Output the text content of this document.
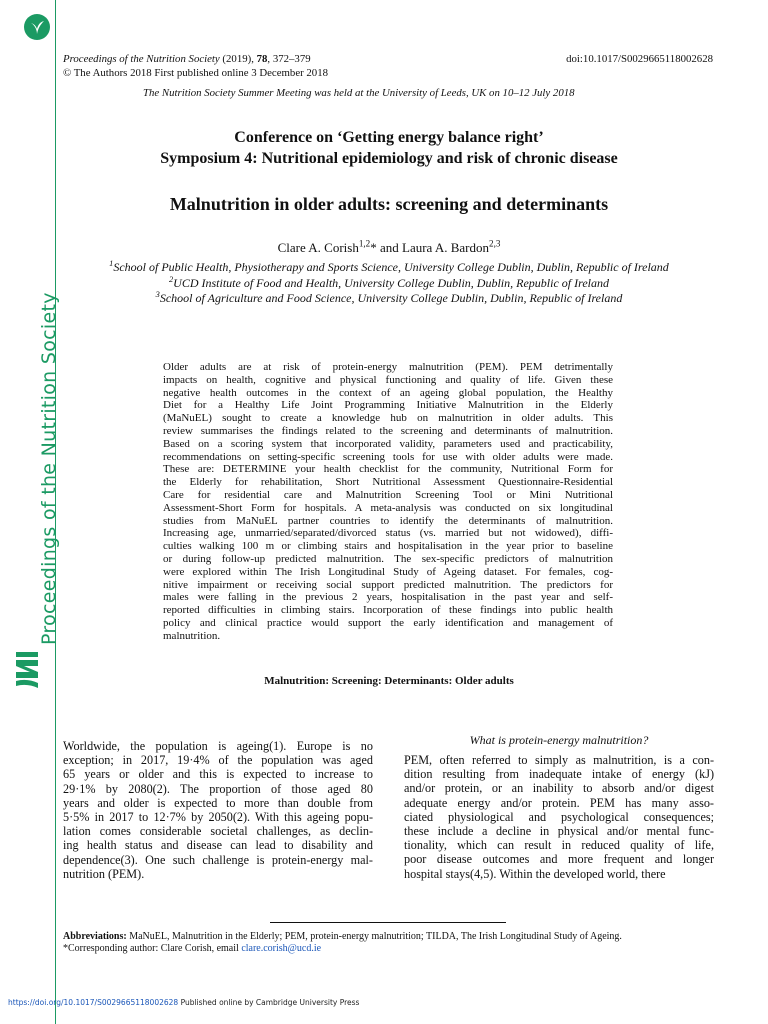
Proceedings of the Nutrition Society
Proceedings of the Nutrition Society (2019), 78, 372–379	doi:10.1017/S0029665118002628
© The Authors 2018 First published online 3 December 2018
The Nutrition Society Summer Meeting was held at the University of Leeds, UK on 10–12 July 2018
Conference on ‘Getting energy balance right’
Symposium 4: Nutritional epidemiology and risk of chronic disease
Malnutrition in older adults: screening and determinants
Clare A. Corish$^{1,2}$* and Laura A. Bardon$^{2,3}$
$^1$School of Public Health, Physiotherapy and Sports Science, University College Dublin, Dublin, Republic of Ireland
$^2$UCD Institute of Food and Health, University College Dublin, Dublin, Republic of Ireland
$^3$School of Agriculture and Food Science, University College Dublin, Dublin, Republic of Ireland
Older adults are at risk of protein-energy malnutrition (PEM). PEM detrimentally
impacts on health, cognitive and physical functioning and quality of life. Given these
negative health outcomes in the context of an ageing global population, the Healthy
Diet for a Healthy Life Joint Programming Initiative Malnutrition in the Elderly
(MaNuEL) sought to create a knowledge hub on malnutrition in older adults. This
review summarises the findings related to the screening and determinants of malnutrition.
Based on a scoring system that incorporated validity, parameters used and practicability,
recommendations on setting-specific screening tools for use with older adults were made.
These are: DETERMINE your health checklist for the community, Nutritional Form for
the Elderly for rehabilitation, Short Nutritional Assessment Questionnaire-Residential
Care for residential care and Malnutrition Screening Tool or Mini Nutritional
Assessment-Short Form for hospitals. A meta-analysis was conducted on six longitudinal
studies from MaNuEL partner countries to identify the determinants of malnutrition.
Increasing age, unmarried/separated/divorced status (vs. married but not widowed), diffi-
culties walking 100 m or climbing stairs and hospitalisation in the year prior to baseline
or during follow-up predicted malnutrition. The sex-specific predictors of malnutrition
were explored within The Irish Longitudinal Study of Ageing dataset. For females, cog-
nitive impairment or receiving social support predicted malnutrition. The predictors for
males were falling in the previous 2 years, hospitalisation in the past year and self-
reported difficulties in climbing stairs. Incorporation of these findings into public health
policy and clinical practice would support the early identification and management of
malnutrition.
Malnutrition: Screening: Determinants: Older adults
Worldwide, the population is ageing(1). Europe is no
exception; in 2017, 19·4% of the population was aged
65 years or older and this is expected to increase to
29·1% by 2080(2). The proportion of those aged 80
years and older is expected to more than double from
5·5% in 2017 to 12·7% by 2050(2). With this ageing popu-
lation comes considerable societal challenges, as declin-
ing health status and disease can lead to disability and
dependence(3). One such challenge is protein-energy mal-
nutrition (PEM).
What is protein-energy malnutrition?
PEM, often referred to simply as malnutrition, is a con-
dition resulting from inadequate intake of energy (kJ)
and/or protein, or an inability to absorb and/or digest
adequate energy and/or protein. PEM has many asso-
ciated physiological and psychological consequences;
these include a decline in physical and/or mental func-
tionality, which can result in reduced quality of life,
poor disease outcomes and more frequent and longer
hospital stays(4,5). Within the developed world, there
Abbreviations: MaNuEL, Malnutrition in the Elderly; PEM, protein-energy malnutrition; TILDA, The Irish Longitudinal Study of Ageing.
*Corresponding author: Clare Corish, email clare.corish@ucd.ie
https://doi.org/10.1017/S0029665118002628 Published online by Cambridge University Press
